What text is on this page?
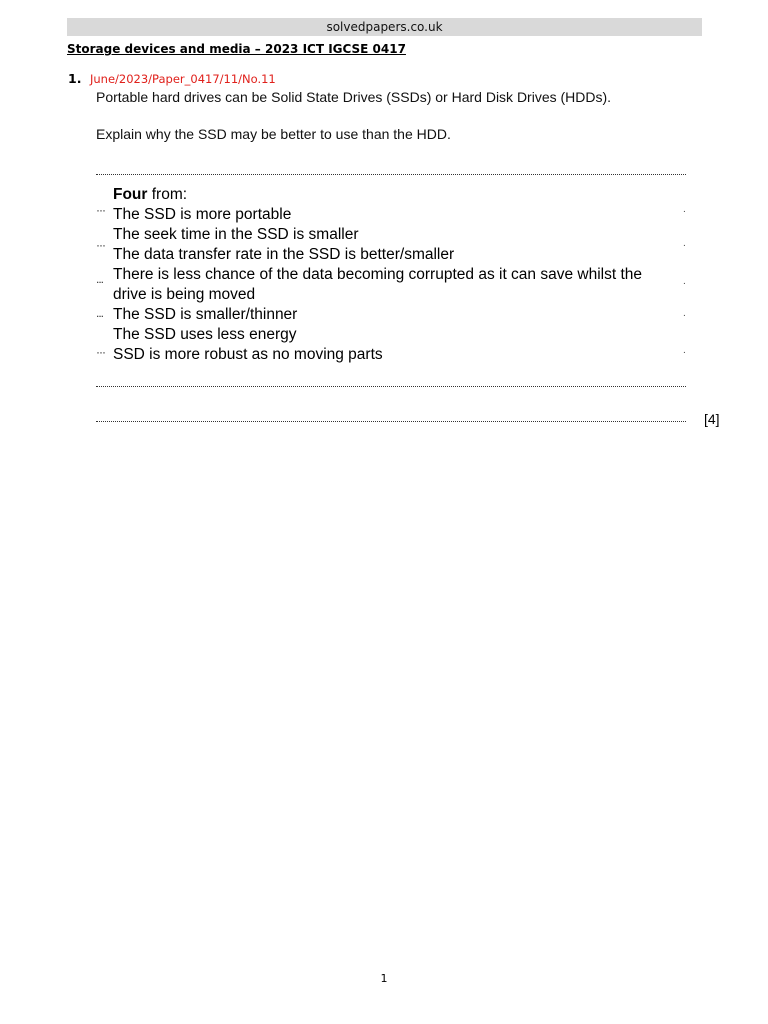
solvedpapers.co.uk
Storage devices and media – 2023 ICT IGCSE 0417
1. June/2023/Paper_0417/11/No.11
Portable hard drives can be Solid State Drives (SSDs) or Hard Disk Drives (HDDs).
Explain why the SSD may be better to use than the HDD.
Four from:
The SSD is more portable
The seek time in the SSD is smaller
The data transfer rate in the SSD is better/smaller
There is less chance of the data becoming corrupted as it can save whilst the
drive is being moved
The SSD is smaller/thinner
The SSD uses less energy
SSD is more robust as no moving parts
···
···
...
...
···
.
.
.
.
.
[4]
1
